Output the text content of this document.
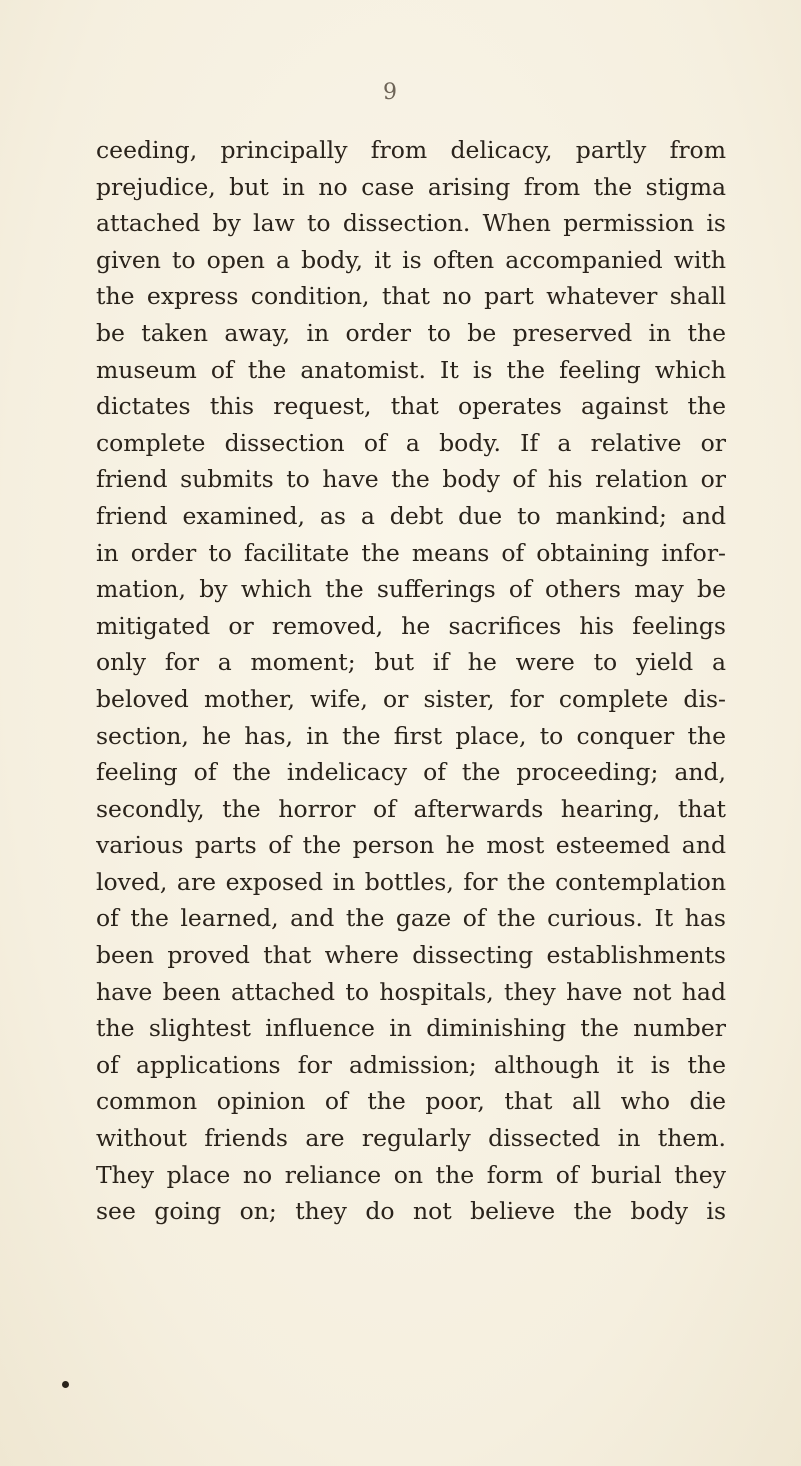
9
ceeding, principally from delicacy, partly from
prejudice, but in no case arising from the stigma
attached by law to dissection. When permission is
given to open a body, it is often accompanied with
the express condition, that no part whatever shall
be taken away, in order to be preserved in the
museum of the anatomist. It is the feeling which
dictates this request, that operates against the
complete dissection of a body. If a relative or
friend submits to have the body of his relation or
friend examined, as a debt due to mankind; and
in order to facilitate the means of obtaining infor-
mation, by which the sufferings of others may be
mitigated or removed, he sacrifices his feelings
only for a moment; but if he were to yield a
beloved mother, wife, or sister, for complete dis-
section, he has, in the first place, to conquer the
feeling of the indelicacy of the proceeding; and,
secondly, the horror of afterwards hearing, that
various parts of the person he most esteemed and
loved, are exposed in bottles, for the contemplation
of the learned, and the gaze of the curious. It has
been proved that where dissecting establishments
have been attached to hospitals, they have not had
the slightest influence in diminishing the number
of applications for admission; although it is the
common opinion of the poor, that all who die
without friends are regularly dissected in them.
They place no reliance on the form of burial they
see going on; they do not believe the body is
